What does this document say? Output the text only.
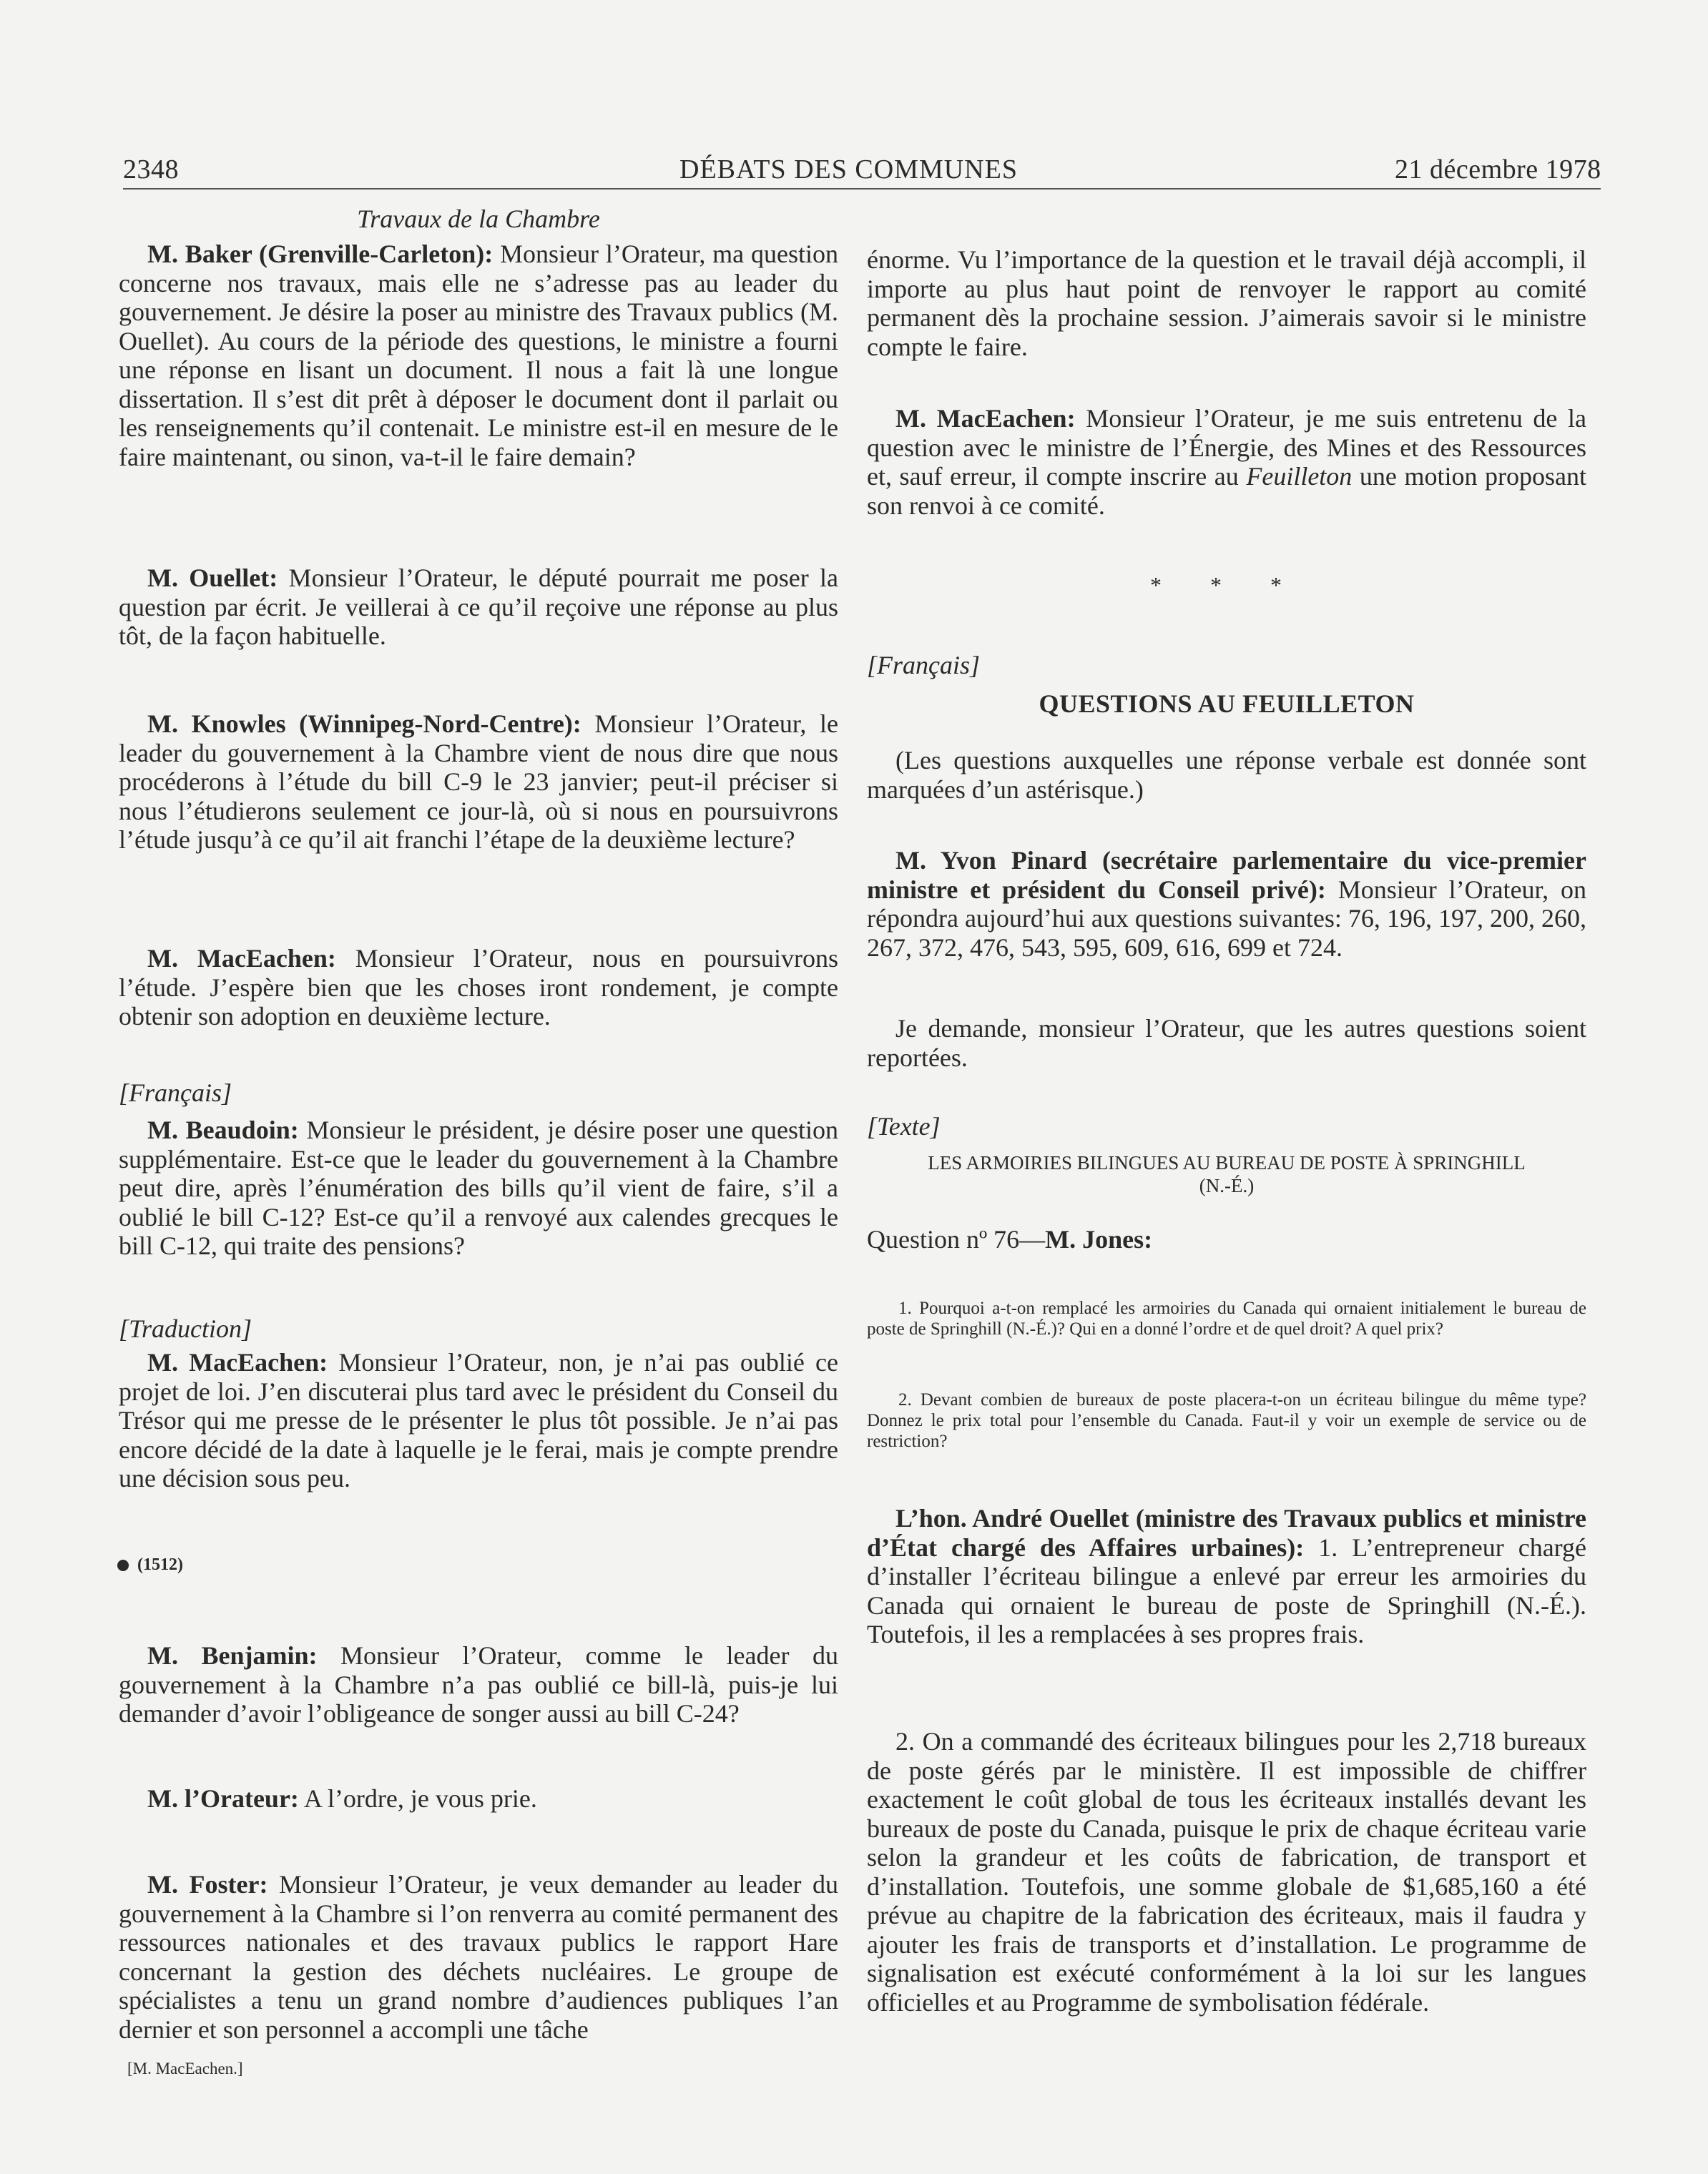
2348	DÉBATS DES COMMUNES	21 décembre 1978
Travaux de la Chambre

M. Baker (Grenville-Carleton): Monsieur l’Orateur, ma question concerne nos travaux, mais elle ne s’adresse pas au leader du gouvernement. Je désire la poser au ministre des Travaux publics (M. Ouellet). Au cours de la période des questions, le ministre a fourni une réponse en lisant un document. Il nous a fait là une longue dissertation. Il s’est dit prêt à déposer le document dont il parlait ou les renseignements qu’il contenait. Le ministre est-il en mesure de le faire maintenant, ou sinon, va-t-il le faire demain?

M. Ouellet: Monsieur l’Orateur, le député pourrait me poser la question par écrit. Je veillerai à ce qu’il reçoive une réponse au plus tôt, de la façon habituelle.

M. Knowles (Winnipeg-Nord-Centre): Monsieur l’Orateur, le leader du gouvernement à la Chambre vient de nous dire que nous procéderons à l’étude du bill C-9 le 23 janvier; peut-il préciser si nous l’étudierons seulement ce jour-là, où si nous en poursuivrons l’étude jusqu’à ce qu’il ait franchi l’étape de la deuxième lecture?

M. MacEachen: Monsieur l’Orateur, nous en poursuivrons l’étude. J’espère bien que les choses iront rondement, je compte obtenir son adoption en deuxième lecture.

[Français]

M. Beaudoin: Monsieur le président, je désire poser une question supplémentaire. Est-ce que le leader du gouvernement à la Chambre peut dire, après l’énumération des bills qu’il vient de faire, s’il a oublié le bill C-12? Est-ce qu’il a renvoyé aux calendes grecques le bill C-12, qui traite des pensions?

[Traduction]

M. MacEachen: Monsieur l’Orateur, non, je n’ai pas oublié ce projet de loi. J’en discuterai plus tard avec le président du Conseil du Trésor qui me presse de le présenter le plus tôt possible. Je n’ai pas encore décidé de la date à laquelle je le ferai, mais je compte prendre une décision sous peu.

(1512)

M. Benjamin: Monsieur l’Orateur, comme le leader du gouvernement à la Chambre n’a pas oublié ce bill-là, puis-je lui demander d’avoir l’obligeance de songer aussi au bill C-24?

M. l’Orateur: A l’ordre, je vous prie.

M. Foster: Monsieur l’Orateur, je veux demander au leader du gouvernement à la Chambre si l’on renverra au comité permanent des ressources nationales et des travaux publics le rapport Hare concernant la gestion des déchets nucléaires. Le groupe de spécialistes a tenu un grand nombre d’audiences publiques l’an dernier et son personnel a accompli une tâche

[M. MacEachen.]

énorme. Vu l’importance de la question et le travail déjà accompli, il importe au plus haut point de renvoyer le rapport au comité permanent dès la prochaine session. J’aimerais savoir si le ministre compte le faire.

M. MacEachen: Monsieur l’Orateur, je me suis entretenu de la question avec le ministre de l’Énergie, des Mines et des Ressources et, sauf erreur, il compte inscrire au Feuilleton une motion proposant son renvoi à ce comité.

* * *
[Français]
QUESTIONS AU FEUILLETON

(Les questions auxquelles une réponse verbale est donnée sont marquées d’un astérisque.)

M. Yvon Pinard (secrétaire parlementaire du vice-premier ministre et président du Conseil privé): Monsieur l’Orateur, on répondra aujourd’hui aux questions suivantes: 76, 196, 197, 200, 260, 267, 372, 476, 543, 595, 609, 616, 699 et 724.

Je demande, monsieur l’Orateur, que les autres questions soient reportées.

[Texte]
LES ARMOIRIES BILINGUES AU BUREAU DE POSTE À SPRINGHILL
(N.-É.)
Question nº 76—M. Jones:

1. Pourquoi a-t-on remplacé les armoiries du Canada qui ornaient initialement le bureau de poste de Springhill (N.-É.)? Qui en a donné l’ordre et de quel droit? A quel prix?

2. Devant combien de bureaux de poste placera-t-on un écriteau bilingue du même type? Donnez le prix total pour l’ensemble du Canada. Faut-il y voir un exemple de service ou de restriction?

L’hon. André Ouellet (ministre des Travaux publics et ministre d’État chargé des Affaires urbaines): 1. L’entrepreneur chargé d’installer l’écriteau bilingue a enlevé par erreur les armoiries du Canada qui ornaient le bureau de poste de Springhill (N.-É.). Toutefois, il les a remplacées à ses propres frais.

2. On a commandé des écriteaux bilingues pour les 2,718 bureaux de poste gérés par le ministère. Il est impossible de chiffrer exactement le coût global de tous les écriteaux installés devant les bureaux de poste du Canada, puisque le prix de chaque écriteau varie selon la grandeur et les coûts de fabrication, de transport et d’installation. Toutefois, une somme globale de $1,685,160 a été prévue au chapitre de la fabrication des écriteaux, mais il faudra y ajouter les frais de transports et d’installation. Le programme de signalisation est exécuté conformément à la loi sur les langues officielles et au Programme de symbolisation fédérale.
